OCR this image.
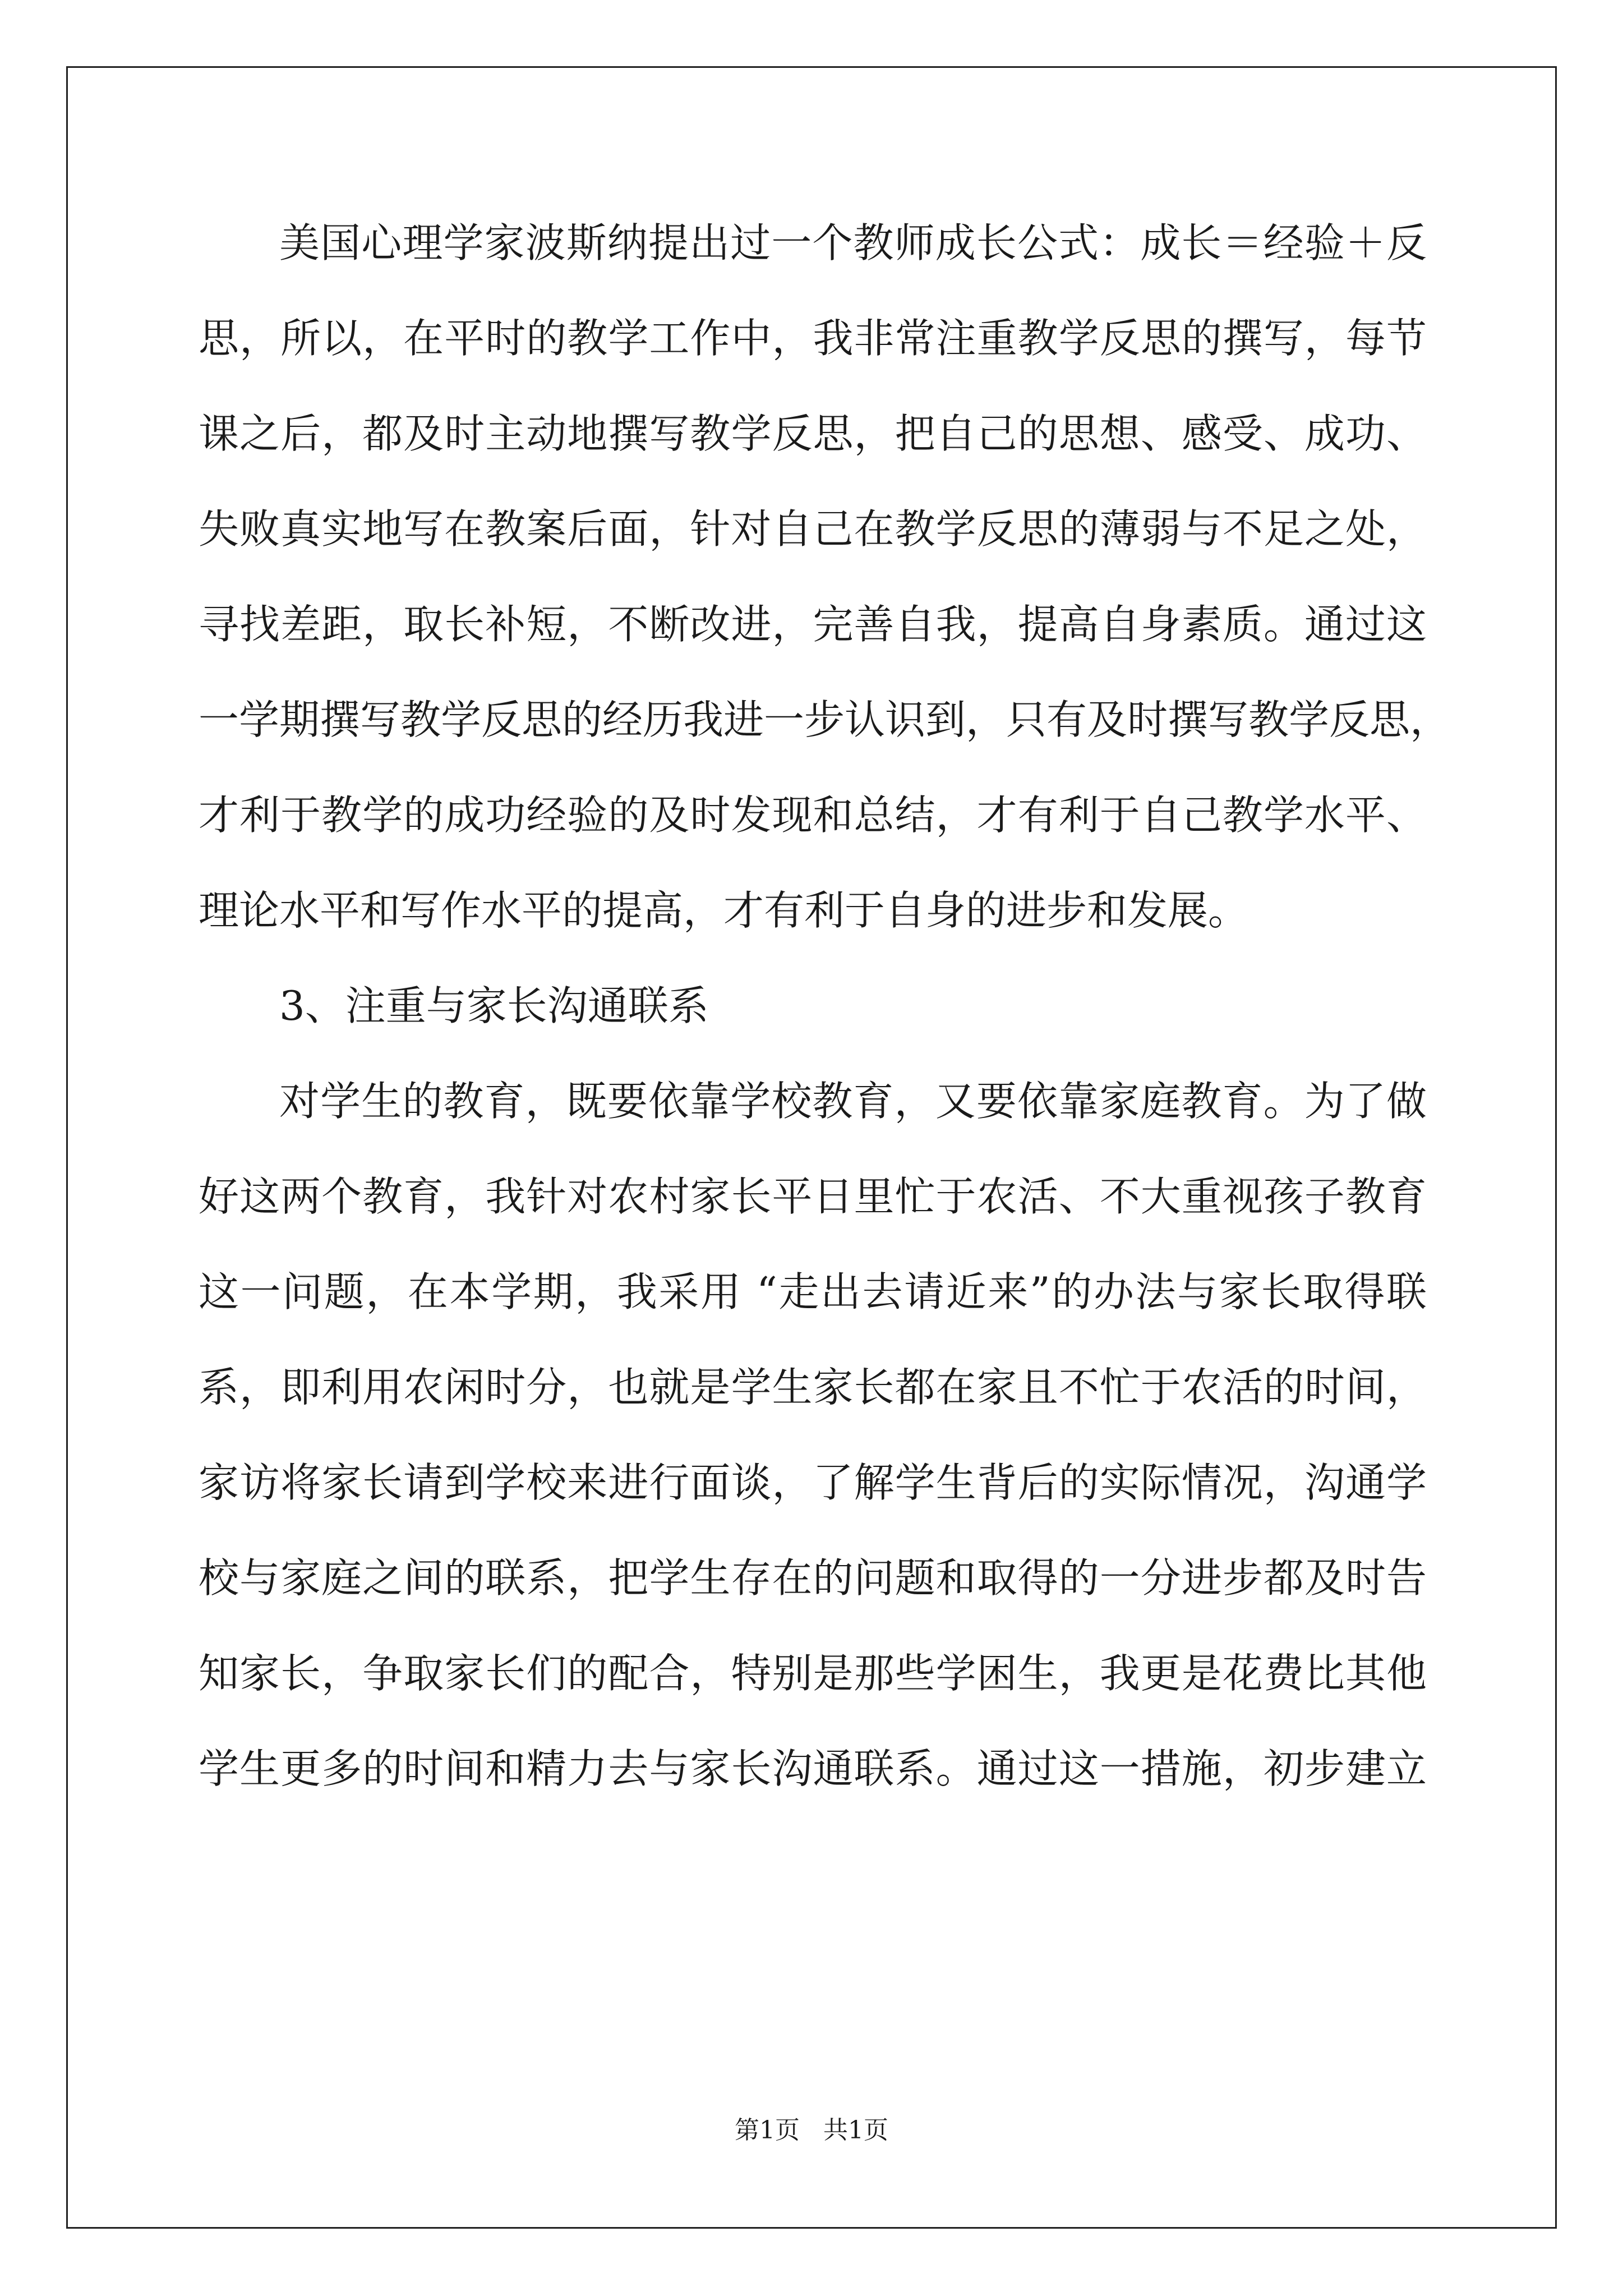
美国心理学家波斯纳提出过一个教师成长公式：成长＝经验＋反

思，所以，在平时的教学工作中，我非常注重教学反思的撰写，每节

课之后，都及时主动地撰写教学反思，把自己的思想、感受、成功、

失败真实地写在教案后面，针对自己在教学反思的薄弱与不足之处，

寻找差距，取长补短，不断改进，完善自我，提高自身素质。通过这

一学期撰写教学反思的经历我进一步认识到，只有及时撰写教学反思，

才利于教学的成功经验的及时发现和总结，才有利于自己教学水平、

理论水平和写作水平的提高，才有利于自身的进步和发展。

3、注重与家长沟通联系

对学生的教育，既要依靠学校教育，又要依靠家庭教育。为了做

好这两个教育，我针对农村家长平日里忙于农活、不大重视孩子教育

这一问题，在本学期，我采用 “走出去请近来”的办法与家长取得联

系，即利用农闲时分，也就是学生家长都在家且不忙于农活的时间，

家访将家长请到学校来进行面谈，了解学生背后的实际情况，沟通学

校与家庭之间的联系，把学生存在的问题和取得的一分进步都及时告

知家长，争取家长们的配合，特别是那些学困生，我更是花费比其他

学生更多的时间和精力去与家长沟通联系。通过这一措施，初步建立

第1页   共1页
